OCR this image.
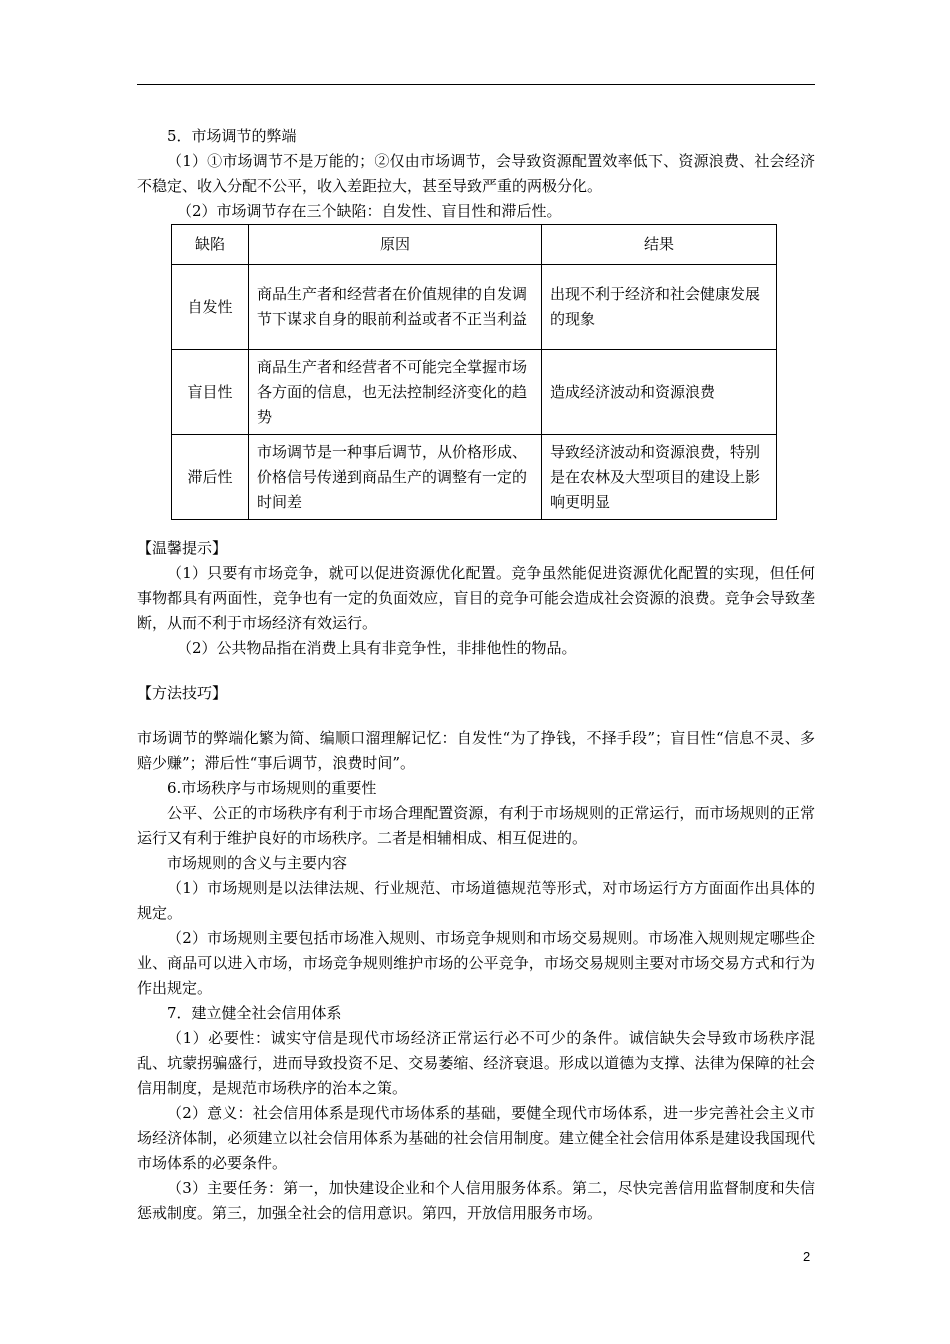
5．市场调节的弊端

（1）①市场调节不是万能的；②仅由市场调节，会导致资源配置效率低下、资源浪费、社会经济不稳定、收入分配不公平，收入差距拉大，甚至导致严重的两极分化。

（2）市场调节存在三个缺陷：自发性、盲目性和滞后性。

缺陷	原因	结果
自发性	商品生产者和经营者在价值规律的自发调节下谋求自身的眼前利益或者不正当利益	出现不利于经济和社会健康发展的现象
盲目性	商品生产者和经营者不可能完全掌握市场各方面的信息，也无法控制经济变化的趋势	造成经济波动和资源浪费
滞后性	市场调节是一种事后调节，从价格形成、价格信号传递到商品生产的调整有一定的时间差	导致经济波动和资源浪费，特别是在农林及大型项目的建设上影响更明显

【温馨提示】

（1）只要有市场竞争，就可以促进资源优化配置。竞争虽然能促进资源优化配置的实现，但任何事物都具有两面性，竞争也有一定的负面效应，盲目的竞争可能会造成社会资源的浪费。竞争会导致垄断，从而不利于市场经济有效运行。

（2）公共物品指在消费上具有非竞争性，非排他性的物品。

【方法技巧】

市场调节的弊端化繁为简、编顺口溜理解记忆：自发性“为了挣钱，不择手段”；盲目性“信息不灵、多赔少赚”；滞后性“事后调节，浪费时间”。

6.市场秩序与市场规则的重要性

公平、公正的市场秩序有利于市场合理配置资源，有利于市场规则的正常运行，而市场规则的正常运行又有利于维护良好的市场秩序。二者是相辅相成、相互促进的。

市场规则的含义与主要内容

（1）市场规则是以法律法规、行业规范、市场道德规范等形式，对市场运行方方面面作出具体的规定。

（2）市场规则主要包括市场准入规则、市场竞争规则和市场交易规则。市场准入规则规定哪些企业、商品可以进入市场，市场竞争规则维护市场的公平竞争，市场交易规则主要对市场交易方式和行为作出规定。

7．建立健全社会信用体系

（1）必要性：诚实守信是现代市场经济正常运行必不可少的条件。诚信缺失会导致市场秩序混乱、坑蒙拐骗盛行，进而导致投资不足、交易萎缩、经济衰退。形成以道德为支撑、法律为保障的社会信用制度，是规范市场秩序的治本之策。

（2）意义：社会信用体系是现代市场体系的基础，要健全现代市场体系，进一步完善社会主义市场经济体制，必须建立以社会信用体系为基础的社会信用制度。建立健全社会信用体系是建设我国现代市场体系的必要条件。

（3）主要任务：第一，加快建设企业和个人信用服务体系。第二，尽快完善信用监督制度和失信惩戒制度。第三，加强全社会的信用意识。第四，开放信用服务市场。

2
